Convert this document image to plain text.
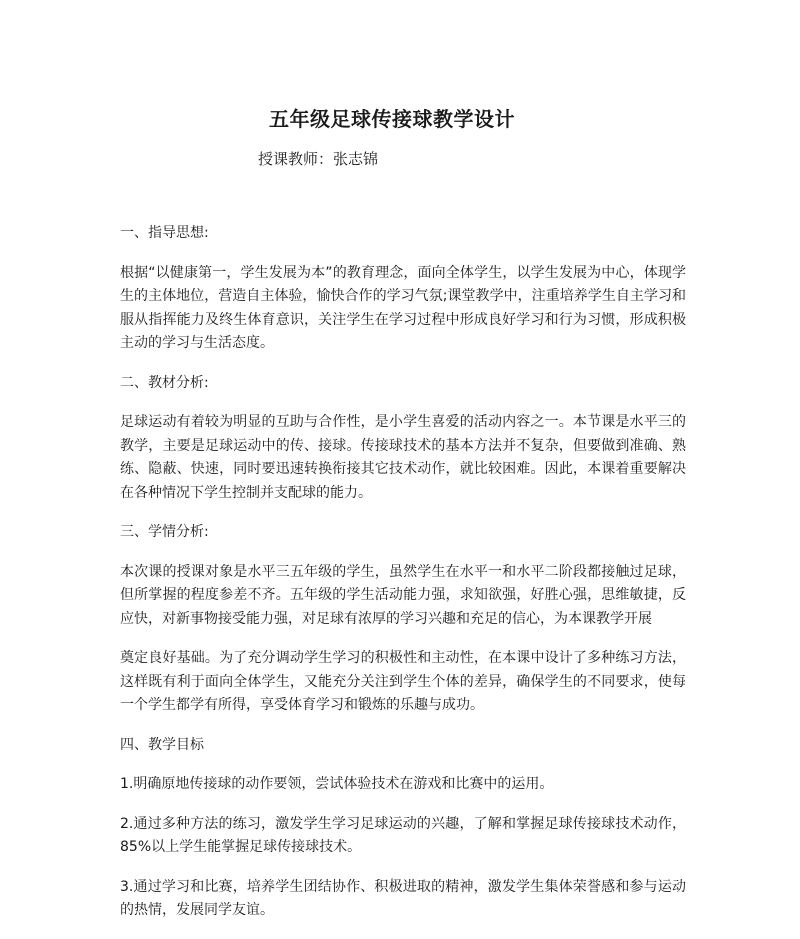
五年级足球传接球教学设计
授课教师：张志锦

一、指导思想:

根据“以健康第一，学生发展为本”的教育理念，面向全体学生，以学生发展为中心，体现学生的主体地位，营造自主体验，愉快合作的学习气氛;课堂教学中，注重培养学生自主学习和服从指挥能力及终生体育意识，关注学生在学习过程中形成良好学习和行为习惯，形成积极主动的学习与生活态度。

二、教材分析:

足球运动有着较为明显的互助与合作性，是小学生喜爱的活动内容之一。本节课是水平三的教学，主要是足球运动中的传、接球。传接球技术的基本方法并不复杂，但要做到准确、熟练、隐蔽、快速，同时要迅速转换衔接其它技术动作，就比较困难。因此，本课着重要解决在各种情况下学生控制并支配球的能力。

三、学情分析:

本次课的授课对象是水平三五年级的学生，虽然学生在水平一和水平二阶段都接触过足球，但所掌握的程度参差不齐。五年级的学生活动能力强，求知欲强，好胜心强，思维敏捷，反应快，对新事物接受能力强，对足球有浓厚的学习兴趣和充足的信心，为本课教学开展

奠定良好基础。为了充分调动学生学习的积极性和主动性，在本课中设计了多种练习方法，这样既有利于面向全体学生，又能充分关注到学生个体的差异，确保学生的不同要求，使每一个学生都学有所得，享受体育学习和锻炼的乐趣与成功。

四、教学目标

1.明确原地传接球的动作要领，尝试体验技术在游戏和比赛中的运用。

2.通过多种方法的练习，激发学生学习足球运动的兴趣，了解和掌握足球传接球技术动作，85%以上学生能掌握足球传接球技术。

3.通过学习和比赛，培养学生团结协作、积极进取的精神，激发学生集体荣誉感和参与运动的热情，发展同学友谊。
